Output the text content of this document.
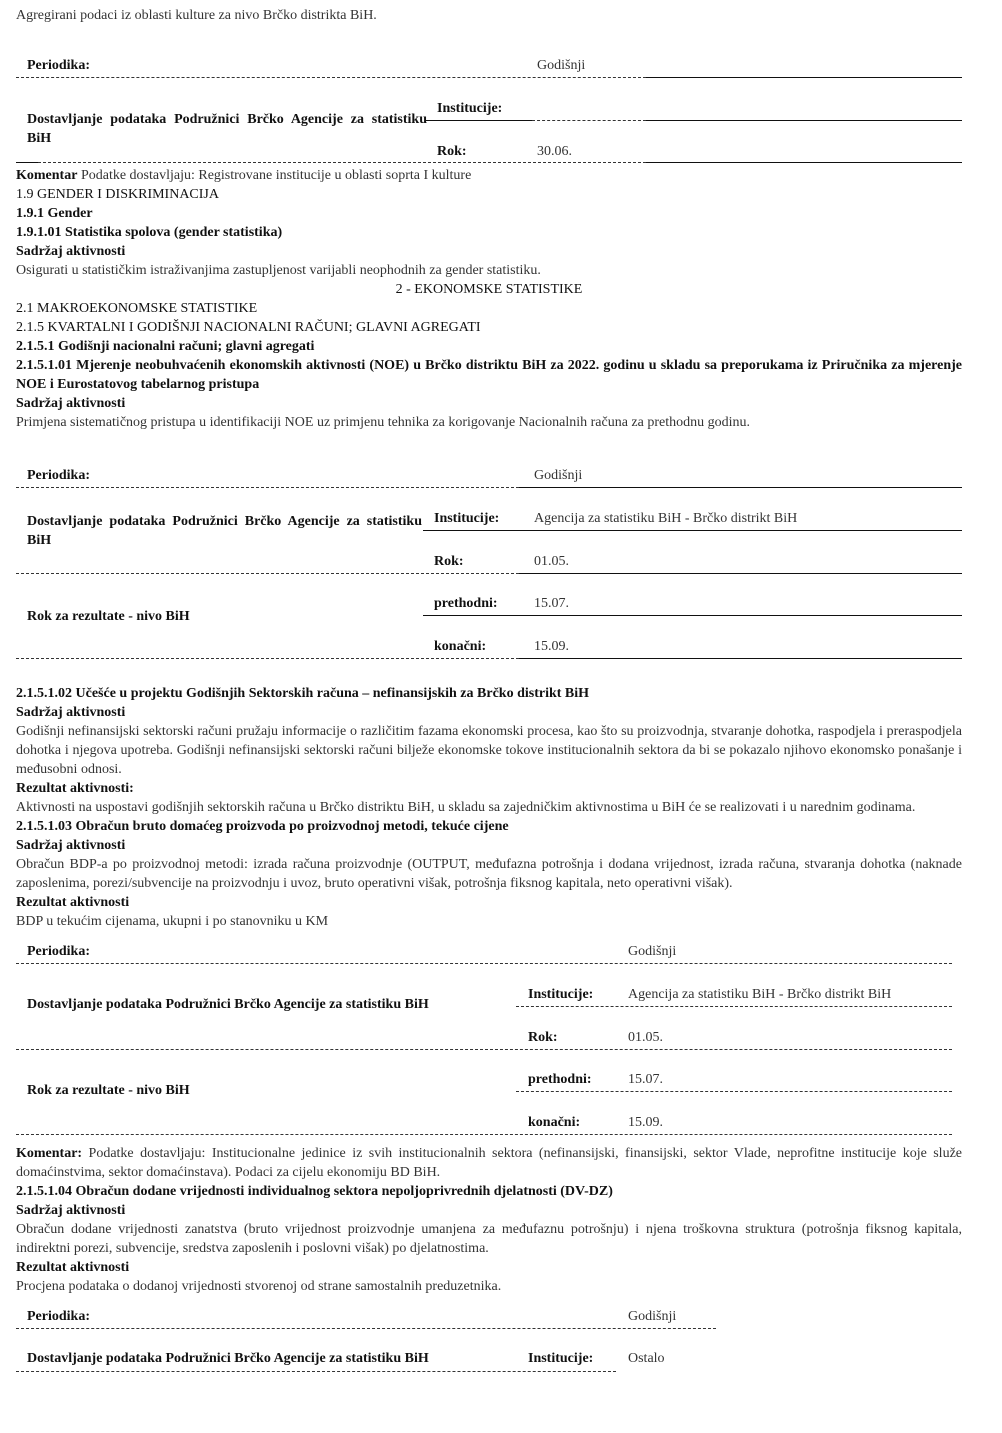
Agregirani podaci iz oblasti kulture za nivo Brčko distrikta BiH.

Periodika:	Godišnji
Dostavljanje podataka Podružnici Brčko Agencije za statistiku BiH
Institucije:
Rok:	30.06.
Komentar Podatke dostavljaju: Registrovane institucije u oblasti soprta I kulture
1.9 GENDER I DISKRIMINACIJA
1.9.1 Gender
1.9.1.01 Statistika spolova (gender statistika)
Sadržaj aktivnosti
Osigurati u statističkim istraživanjima zastupljenost varijabli neophodnih za gender statistiku.
2 - EKONOMSKE STATISTIKE
2.1 MAKROEKONOMSKE STATISTIKE
2.1.5 KVARTALNI I GODIŠNJI NACIONALNI RAČUNI; GLAVNI AGREGATI
2.1.5.1 Godišnji nacionalni računi; glavni agregati
2.1.5.1.01 Mjerenje neobuhvaćenih ekonomskih aktivnosti (NOE) u Brčko distriktu BiH za 2022. godinu u skladu sa preporukama iz Priručnika za mjerenje NOE i Eurostatovog tabelarnog pristupa
Sadržaj aktivnosti
Primjena sistematičnog pristupa u identifikaciji NOE uz primjenu tehnika za korigovanje Nacionalnih računa za prethodnu godinu.
Periodika:	Godišnji
Dostavljanje podataka Podružnici Brčko Agencije za statistiku BiH
Institucije: Agencija za statistiku BiH - Brčko distrikt BiH
Rok:	01.05.
Rok za rezultate - nivo BiH
prethodni:	15.07.
konačni:	15.09.
2.1.5.1.02 Učešće u projektu Godišnjih Sektorskih računa – nefinansijskih za Brčko distrikt BiH
Sadržaj aktivnosti
Godišnji nefinansijski sektorski računi pružaju informacije o različitim fazama ekonomski procesa, kao što su proizvodnja, stvaranje dohotka, raspodjela i preraspodjela dohotka i njegova upotreba. Godišnji nefinansijski sektorski računi bilježe ekonomske tokove institucionalnih sektora da bi se pokazalo njihovo ekonomsko ponašanje i međusobni odnosi.
Rezultat aktivnosti:
Aktivnosti na uspostavi godišnjih sektorskih računa u Brčko distriktu BiH, u skladu sa zajedničkim aktivnostima u BiH će se realizovati i u narednim godinama.
2.1.5.1.03 Obračun bruto domaćeg proizvoda po proizvodnoj metodi, tekuće cijene
Sadržaj aktivnosti
Obračun BDP-a po proizvodnoj metodi: izrada računa proizvodnje (OUTPUT, međufazna potrošnja i dodana vrijednost, izrada računa, stvaranja dohotka (naknade zaposlenima, porezi/subvencije na proizvodnju i uvoz, bruto operativni višak, potrošnja fiksnog kapitala, neto operativni višak).
Rezultat aktivnosti
BDP u tekućim cijenama, ukupni i po stanovniku u KM
Periodika:	Godišnji
Dostavljanje podataka Podružnici Brčko Agencije za statistiku BiH
Institucije: Agencija za statistiku BiH - Brčko distrikt BiH
Rok:	01.05.
Rok za rezultate - nivo BiH
prethodni:	15.07.
konačni:	15.09.
Komentar: Podatke dostavljaju: Institucionalne jedinice iz svih institucionalnih sektora (nefinansijski, finansijski, sektor Vlade, neprofitne institucije koje služe domaćinstvima, sektor domaćinstava). Podaci za cijelu ekonomiju BD BiH.
2.1.5.1.04 Obračun dodane vrijednosti individualnog sektora nepoljoprivrednih djelatnosti (DV-DZ)
Sadržaj aktivnosti
Obračun dodane vrijednosti zanatstva (bruto vrijednost proizvodnje umanjena za međufaznu potrošnju) i njena troškovna struktura (potrošnja fiksnog kapitala, indirektni porezi, subvencije, sredstva zaposlenih i poslovni višak) po djelatnostima.
Rezultat aktivnosti
Procjena podataka o dodanoj vrijednosti stvorenoj od strane samostalnih preduzetnika.
Periodika:	Godišnji
Dostavljanje podataka Podružnici Brčko Agencije za statistiku BiH	Institucije: Ostalo
